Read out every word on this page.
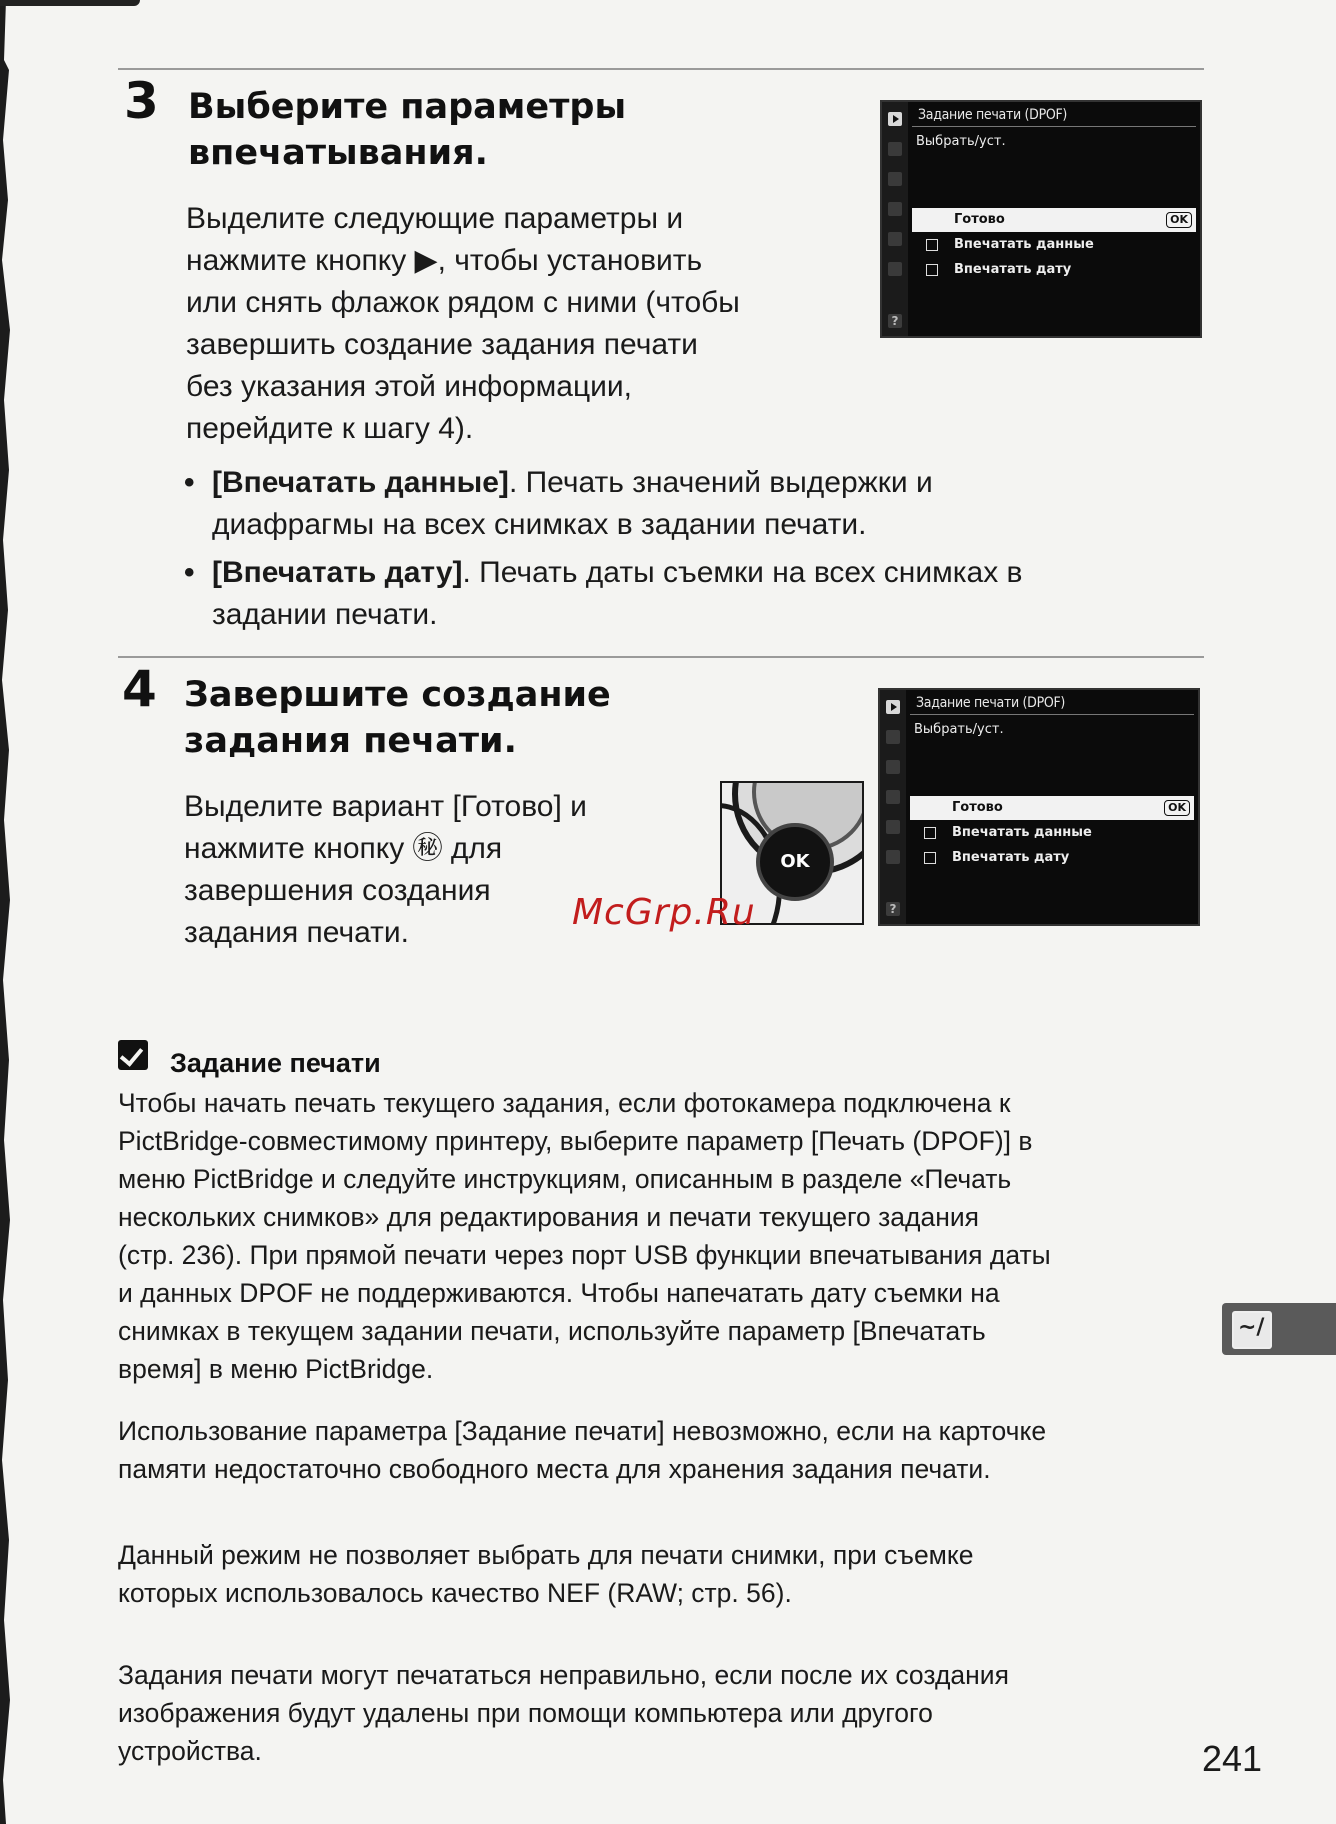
3 Выберите параметры
впечатывания.
Выделите следующие параметры и
нажмите кнопку ▶, чтобы установить
или снять флажок рядом с ними (чтобы
завершить создание задания печати
без указания этой информации,
перейдите к шагу 4).
?
Задание печати (DPOF)
Выбрать/уст.
Готово	OK
Впечатать данные
Впечатать дату
• [Впечатать данные]. Печать значений выдержки и
диафрагмы на всех снимках в задании печати.
• [Впечатать дату]. Печать даты съемки на всех снимках в
задании печати.
4 Завершите создание
задания печати.
Выделите вариант [Готово] и
нажмите кнопку ㊙ для
завершения создания
задания печати.
OK
?
Задание печати (DPOF)
Выбрать/уст.
Готово	OK
Впечатать данные
Впечатать дату
McGrp.Ru
Задание печати
Чтобы начать печать текущего задания, если фотокамера подключена к
PictBridge-совместимому принтеру, выберите параметр [Печать (DPOF)] в
меню PictBridge и следуйте инструкциям, описанным в разделе «Печать
нескольких снимков» для редактирования и печати текущего задания
(стр. 236). При прямой печати через порт USB функции впечатывания даты
и данных DPOF не поддерживаются. Чтобы напечатать дату съемки на
снимках в текущем задании печати, используйте параметр [Впечатать
время] в меню PictBridge.
Использование параметра [Задание печати] невозможно, если на карточке
памяти недостаточно свободного места для хранения задания печати.
Данный режим не позволяет выбрать для печати снимки, при съемке
которых использовалось качество NEF (RAW; стр. 56).
Задания печати могут печататься неправильно, если после их создания
изображения будут удалены при помощи компьютера или другого
устройства.
~/
241
